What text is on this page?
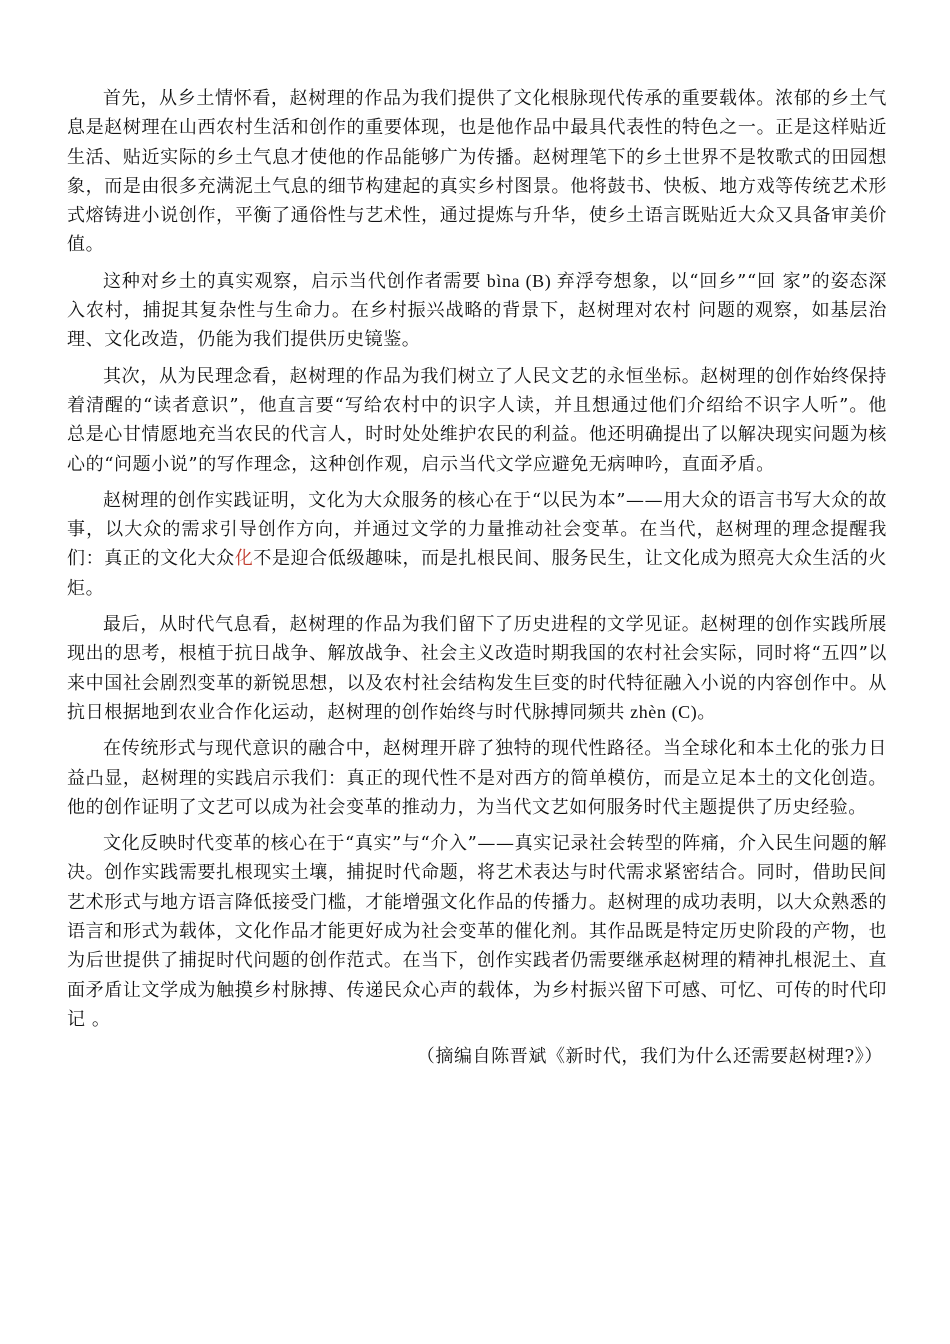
首先，从乡土情怀看，赵树理的作品为我们提供了文化根脉现代传承的重要载体。浓郁的乡土气息是赵树理在山西农村生活和创作的重要体现，也是他作品中最具代表性的特色之一。正是这样贴近生活、贴近实际的乡土气息才使他的作品能够广为传播。赵树理笔下的乡土世界不是牧歌式的田园想象，而是由很多充满泥土气息的细节构建起的真实乡村图景。他将鼓书、快板、地方戏等传统艺术形式熔铸进小说创作，平衡了通俗性与艺术性，通过提炼与升华，使乡土语言既贴近大众又具备审美价值。

这种对乡土的真实观察，启示当代创作者需要 bìna (B) 弃浮夸想象，以“回乡”“回 家”的姿态深入农村，捕捉其复杂性与生命力。在乡村振兴战略的背景下，赵树理对农村 问题的观察，如基层治理、文化改造，仍能为我们提供历史镜鉴。

其次，从为民理念看，赵树理的作品为我们树立了人民文艺的永恒坐标。赵树理的创作始终保持着清醒的“读者意识”，他直言要“写给农村中的识字人读，并且想通过他们介绍给不识字人听”。他总是心甘情愿地充当农民的代言人，时时处处维护农民的利益。他还明确提出了以解决现实问题为核心的“问题小说”的写作理念，这种创作观，启示当代文学应避免无病呻吟，直面矛盾。

赵树理的创作实践证明，文化为大众服务的核心在于“以民为本”——用大众的语言书写大众的故事，以大众的需求引导创作方向，并通过文学的力量推动社会变革。在当代，赵树理的理念提醒我们：真正的文化大众化不是迎合低级趣味，而是扎根民间、服务民生，让文化成为照亮大众生活的火炬。

最后，从时代气息看，赵树理的作品为我们留下了历史进程的文学见证。赵树理的创作实践所展现出的思考，根植于抗日战争、解放战争、社会主义改造时期我国的农村社会实际，同时将“五四”以来中国社会剧烈变革的新锐思想，以及农村社会结构发生巨变的时代特征融入小说的内容创作中。从抗日根据地到农业合作化运动，赵树理的创作始终与时代脉搏同频共 zhèn (C)。

在传统形式与现代意识的融合中，赵树理开辟了独特的现代性路径。当全球化和本土化的张力日益凸显，赵树理的实践启示我们：真正的现代性不是对西方的简单模仿，而是立足本土的文化创造。他的创作证明了文艺可以成为社会变革的推动力，为当代文艺如何服务时代主题提供了历史经验。

文化反映时代变革的核心在于“真实”与“介入”——真实记录社会转型的阵痛，介入民生问题的解决。创作实践需要扎根现实土壤，捕捉时代命题，将艺术表达与时代需求紧密结合。同时，借助民间艺术形式与地方语言降低接受门槛，才能增强文化作品的传播力。赵树理的成功表明，以大众熟悉的语言和形式为载体，文化作品才能更好成为社会变革的催化剂。其作品既是特定历史阶段的产物，也为后世提供了捕捉时代问题的创作范式。在当下，创作实践者仍需要继承赵树理的精神扎根泥土、直面矛盾让文学成为触摸乡村脉搏、传递民众心声的载体，为乡村振兴留下可感、可忆、可传的时代印记 。

（摘编自陈晋斌《新时代，我们为什么还需要赵树理?》）
